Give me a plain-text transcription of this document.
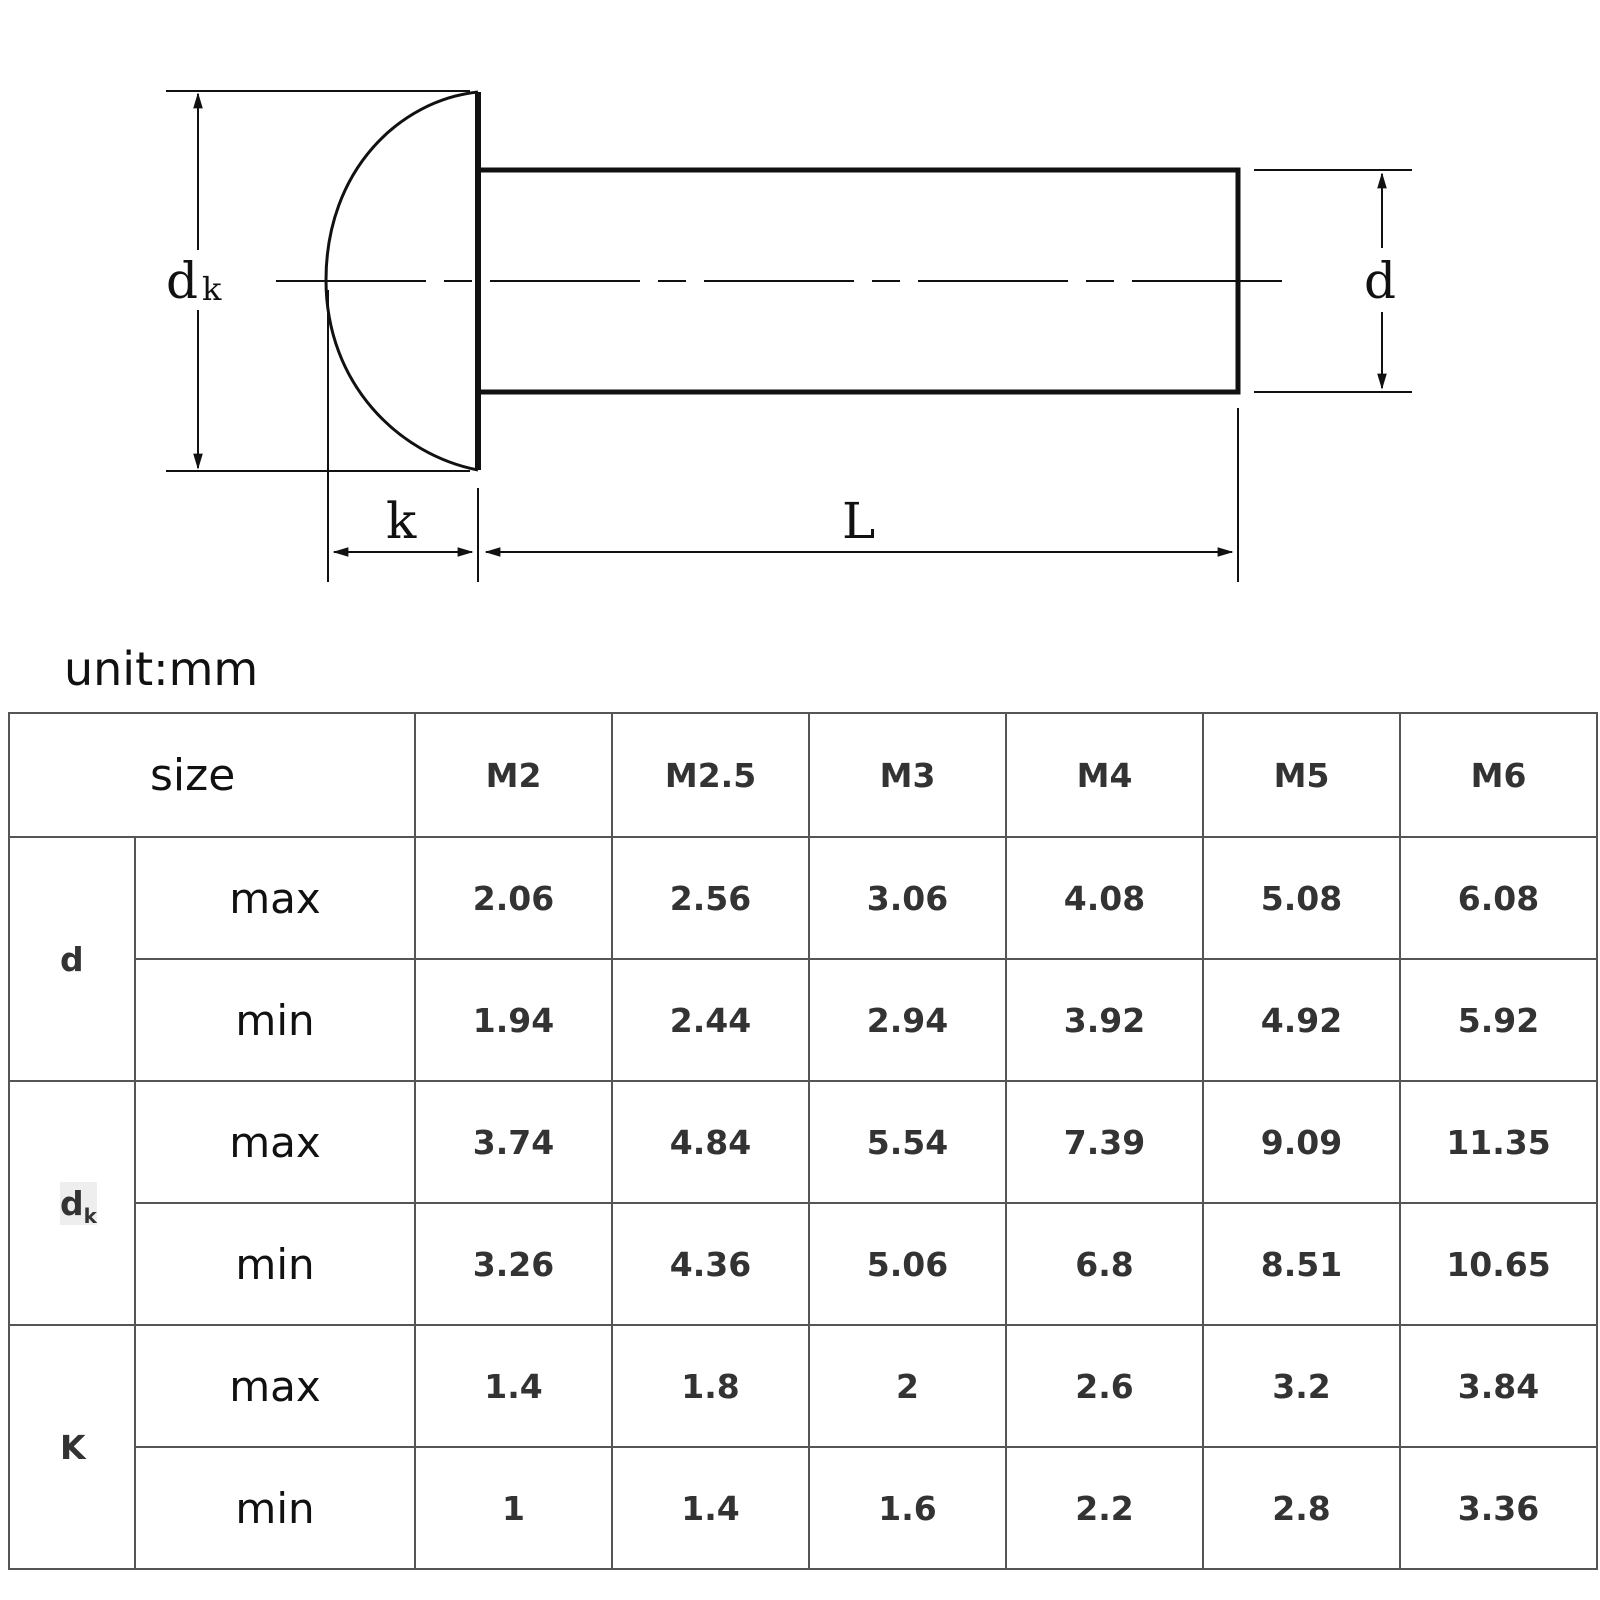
d k	d
k	L
unit:mm
size		M2	M2.5	M3	M4	M5	M6
d	max	2.06	2.56	3.06	4.08	5.08	6.08
	min	1.94	2.44	2.94	3.92	4.92	5.92
$d_k$	max	3.74	4.84	5.54	7.39	9.09	11.35
	min	3.26	4.36	5.06	6.8	8.51	10.65
K	max	1.4	1.8	2	2.6	3.2	3.84
	min	1	1.4	1.6	2.2	2.8	3.36
